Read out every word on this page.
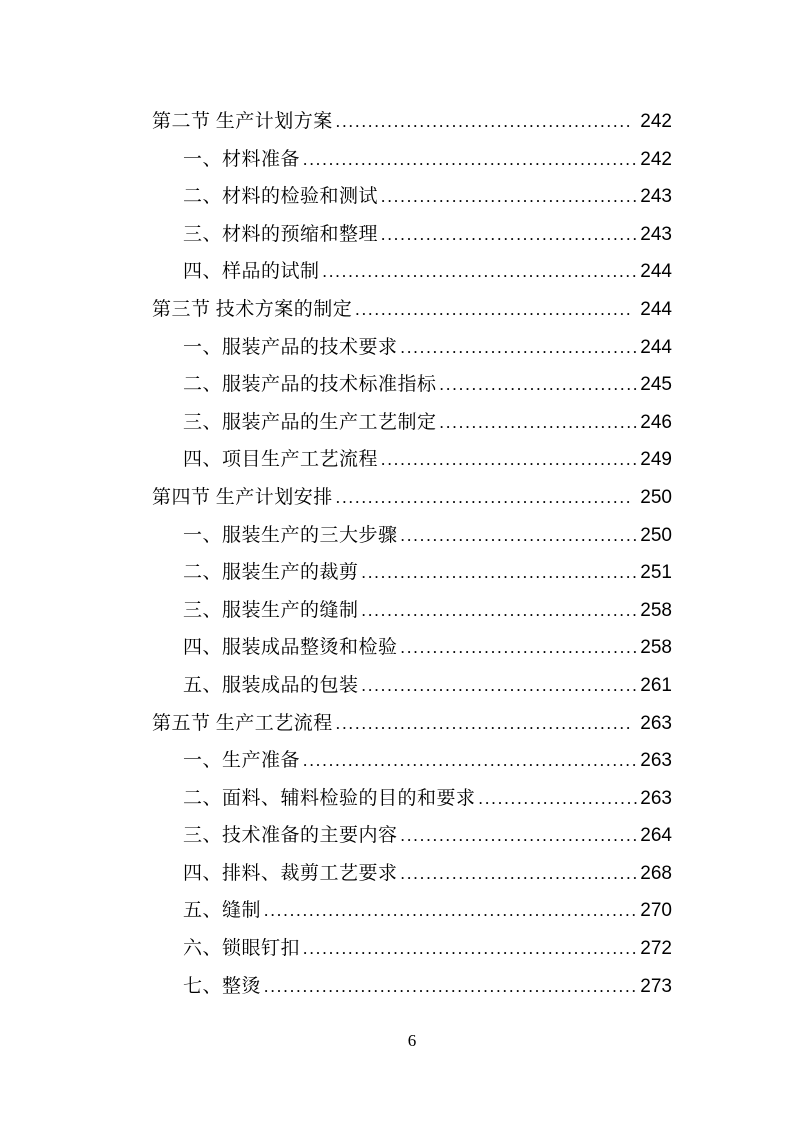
第二节 生产计划方案 .....	242
一、材料准备 .....	242
二、材料的检验和测试 .....	243
三、材料的预缩和整理 .....	243
四、样品的试制 .....	244
第三节 技术方案的制定 .....	244
一、服装产品的技术要求 .....	244
二、服装产品的技术标准指标 .....	245
三、服装产品的生产工艺制定 .....	246
四、项目生产工艺流程 .....	249
第四节 生产计划安排 .....	250
一、服装生产的三大步骤 .....	250
二、服装生产的裁剪 .....	251
三、服装生产的缝制 .....	258
四、服装成品整烫和检验 .....	258
五、服装成品的包装 .....	261
第五节 生产工艺流程 .....	263
一、生产准备 .....	263
二、面料、辅料检验的目的和要求 .....	263
三、技术准备的主要内容 .....	264
四、排料、裁剪工艺要求 .....	268
五、缝制 .....	270
六、锁眼钉扣 .....	272
七、整烫 .....	273
6
